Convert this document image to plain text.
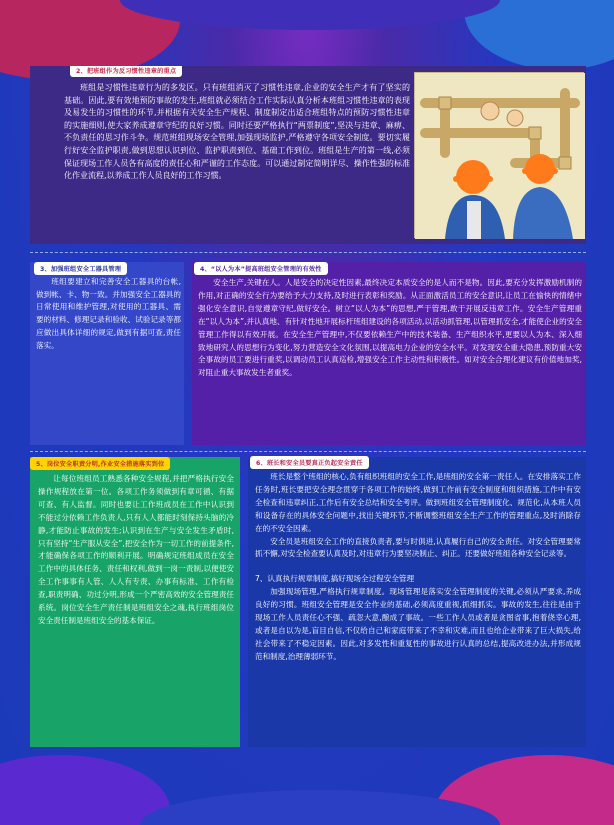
2、把班组作为反习惯性违章的重点

班组是习惯性违章行为的多发区。只有班组消灭了习惯性违章,企业的安全生产才有了坚实的基础。因此,要有效地预防事故的发生,班组就必须结合工作实际认真分析本班组习惯性违章的表现及易发生的习惯性的环节,并根据有关安全生产规程、制度制定出适合班组特点的预防习惯性违章的实施细则,使大家养成遵章守纪的良好习惯。同时还要严格执行“两票制度”,坚决与违章、麻痹、不负责任的思习作斗争。规范班组现场安全管理,加强现场监护,严格遵守各项安全制度。要切实履行好安全监护职责,做到思想认识到位、监护职责到位、基础工作到位。班组是生产的第一线,必须保证现场工作人员各有高度的责任心和严谨的工作态度。可以通过制定简明详尽、操作性强的标准化作业流程,以养成工作人员良好的工作习惯。

班组要建立和完善安全工器具的台帐,做到帐、卡、物一致。并加强安全工器具的日常使用和维护管理,对使用的工器具、需要的材料、修理记录和验收、试验记录等都应做出具体详细的规定,做到有据可查,责任落实。

3、加强班组安全工器具管理

安全生产,关键在人。人是安全的决定性因素,最终决定本质安全的是人而不是物。因此,要充分发挥激励机制的作用,对正确的安全行为要给予大力支持,及时进行表彰和奖励。从正面激活员工的安全意识,让员工在愉快的情绪中强化安全意识,自觉遵章守纪,做好安全。树立“以人为本”的思想,严于管理,敢于开展反违章工作。安全生产管理重在“以人为本”,并认真地、有针对性地开展标杆班组建设的各项活动,以活动抓管理,以管理抓安全,才能使企业的安全管理工作得以有效开展。在安全生产管理中,不仅要依赖生产中的技术装备、生产组织水平,更要以人为本、深入细致地研究人的思想行为变化,努力营造安全文化氛围,以提高电力企业的安全水平。对发现安全重大隐患,预防重大安全事故的员工要进行重奖,以调动员工认真巡检,增强安全工作主动性和积极性。如对安全合理化建议有价值地加奖,对阻止重大事故发生者重奖。

4、“以人为本”提高班组安全管理的有效性

让每位班组员工熟悉各种安全规程,并把严格执行安全操作规程放在第一位。各项工作务须做到有章可循、有据可查、有人监督。同时也要让工作班成员在工作中认识到不能过分依赖工作负责人,只有人人都能时刻保持头脑的冷静,才能防止事故的发生;认识到在生产与安全发生矛盾时,只有坚持“生产服从安全”,把安全作为一切工作的前提条件,才能确保各项工作的顺利开展。明确规定班组成员在安全工作中的具体任务、责任和权利,做到一岗一责制,以便使安全工作事事有人管、人人有专责、办事有标准、工作有检查,职责明确、功过分明,形成一个严密高效的安全管理责任系统。岗位安全生产责任制是班组安全之魂,执行班组岗位安全责任制是班组安全的基本保证。

5、岗位安全职责分明,作业安全措施落实到位

班长是整个班组的核心,负有组织班组的安全工作,是班组的安全第一责任人。在安排落实工作任务时,班长要把安全理念贯穿于各项工作的始终,做到工作前有安全制度和组织措施,工作中有安全检查和违章纠正,工作后有安全总结和安全考评。做到班组安全管理制度化、规范化,从本班人员和设备存在的具体安全问题中,找出关键环节,不断调整班组安全生产工作的管理重点,及时消除存在的不安全因素。

安全员是班组安全工作的直接负责者,要与时俱进,认真履行自己的安全责任。对安全管理要常抓不懈,对安全检查要认真及时,对违章行为要坚决制止、纠正。还要做好班组各种安全记录等。

7、认真执行规章制度,搞好现场全过程安全管理

加强现场管理,严格执行规章制度。现场管理是落实安全管理制度的关键,必须从严要求,养成良好的习惯。班组安全管理是安全作业的基础,必须高度重视,抓细抓实。事故的发生,往往是由于现场工作人员责任心不强、疏忽大意,酿成了事故。一些工作人员或者是贪图省事,抱着侥幸心理,或者是自以为是,盲目自信,不仅给自己和家庭带来了不幸和灾难,而且也给企业带来了巨大损失,给社会带来了不稳定因素。因此,对多发性和重复性的事故进行认真的总结,提高改进办法,并形成规范和制度,治理薄弱环节。

6、班长和安全员要真正负起安全责任
